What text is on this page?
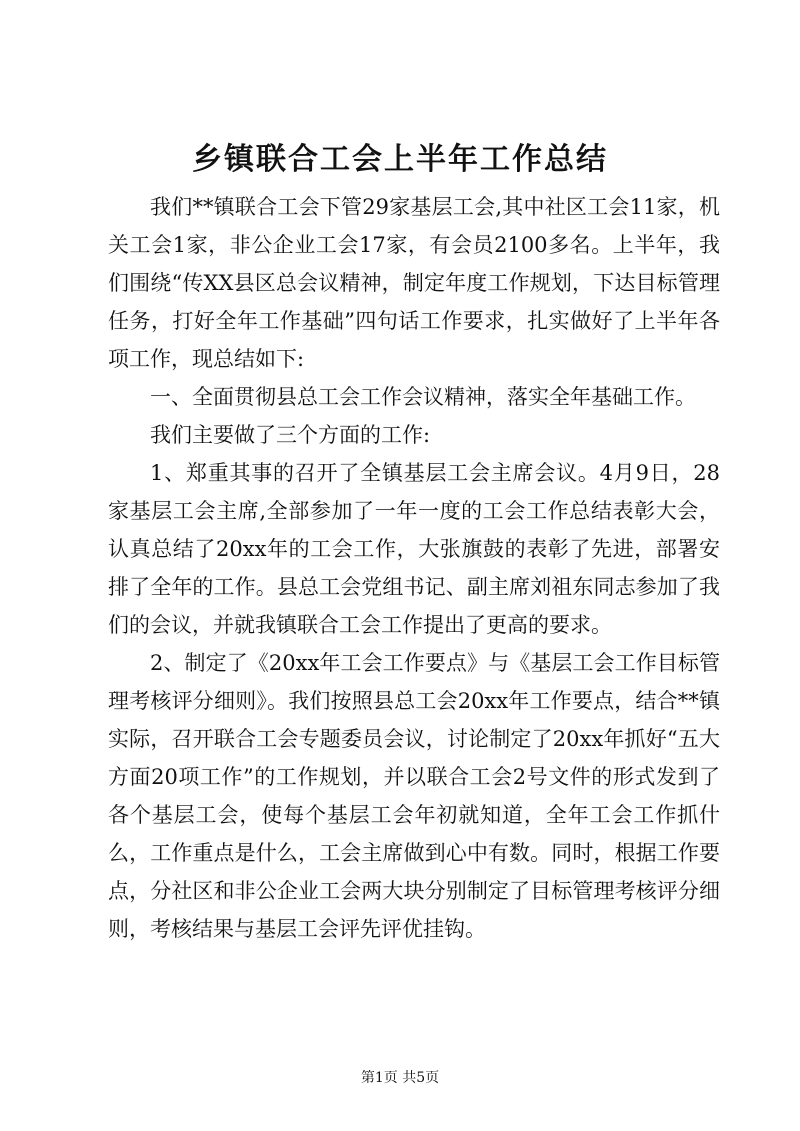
乡镇联合工会上半年工作总结

我们**镇联合工会下管29家基层工会,其中社区工会11家，机关工会1家，非公企业工会17家，有会员2100多名。上半年，我们围绕“传XX县区总会议精神，制定年度工作规划，下达目标管理任务，打好全年工作基础”四句话工作要求，扎实做好了上半年各项工作，现总结如下:

一、全面贯彻县总工会工作会议精神，落实全年基础工作。

我们主要做了三个方面的工作:

1、郑重其事的召开了全镇基层工会主席会议。4月9日，28家基层工会主席,全部参加了一年一度的工会工作总结表彰大会，认真总结了20xx年的工会工作，大张旗鼓的表彰了先进，部署安排了全年的工作。县总工会党组书记、副主席刘祖东同志参加了我们的会议，并就我镇联合工会工作提出了更高的要求。

2、制定了《20xx年工会工作要点》与《基层工会工作目标管理考核评分细则》。我们按照县总工会20xx年工作要点，结合**镇实际，召开联合工会专题委员会议，讨论制定了20xx年抓好“五大方面20项工作”的工作规划，并以联合工会2号文件的形式发到了各个基层工会，使每个基层工会年初就知道，全年工会工作抓什么，工作重点是什么，工会主席做到心中有数。同时，根据工作要点，分社区和非公企业工会两大块分别制定了目标管理考核评分细则，考核结果与基层工会评先评优挂钩。

第1页 共5页
